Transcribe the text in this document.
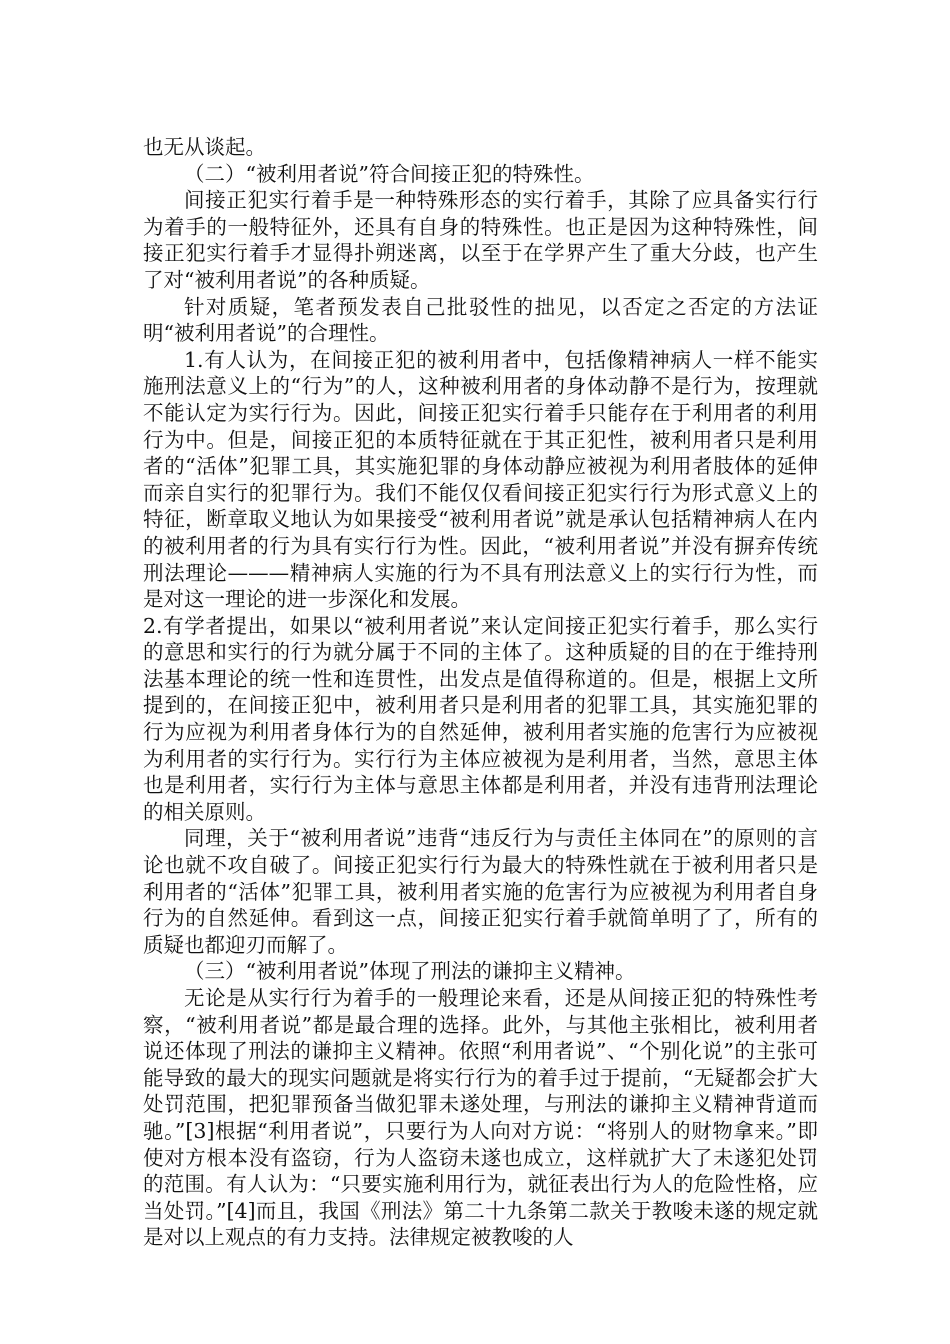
也无从谈起。

（二）“被利用者说”符合间接正犯的特殊性。

间接正犯实行着手是一种特殊形态的实行着手，其除了应具备实行行为着手的一般特征外，还具有自身的特殊性。也正是因为这种特殊性，间接正犯实行着手才显得扑朔迷离，以至于在学界产生了重大分歧，也产生了对“被利用者说”的各种质疑。

针对质疑，笔者预发表自己批驳性的拙见，以否定之否定的方法证明“被利用者说”的合理性。

1.有人认为，在间接正犯的被利用者中，包括像精神病人一样不能实施刑法意义上的“行为”的人，这种被利用者的身体动静不是行为，按理就不能认定为实行行为。因此，间接正犯实行着手只能存在于利用者的利用行为中。但是，间接正犯的本质特征就在于其正犯性，被利用者只是利用者的“活体”犯罪工具，其实施犯罪的身体动静应被视为利用者肢体的延伸而亲自实行的犯罪行为。我们不能仅仅看间接正犯实行行为形式意义上的特征，断章取义地认为如果接受“被利用者说”就是承认包括精神病人在内的被利用者的行为具有实行行为性。因此，“被利用者说”并没有摒弃传统刑法理论———精神病人实施的行为不具有刑法意义上的实行行为性，而是对这一理论的进一步深化和发展。

2.有学者提出，如果以“被利用者说”来认定间接正犯实行着手，那么实行的意思和实行的行为就分属于不同的主体了。这种质疑的目的在于维持刑法基本理论的统一性和连贯性，出发点是值得称道的。但是，根据上文所提到的，在间接正犯中，被利用者只是利用者的犯罪工具，其实施犯罪的行为应视为利用者身体行为的自然延伸，被利用者实施的危害行为应被视为利用者的实行行为。实行行为主体应被视为是利用者，当然，意思主体也是利用者，实行行为主体与意思主体都是利用者，并没有违背刑法理论的相关原则。

同理，关于“被利用者说”违背“违反行为与责任主体同在”的原则的言论也就不攻自破了。间接正犯实行行为最大的特殊性就在于被利用者只是利用者的“活体”犯罪工具，被利用者实施的危害行为应被视为利用者自身行为的自然延伸。看到这一点，间接正犯实行着手就简单明了了，所有的质疑也都迎刃而解了。

（三）“被利用者说”体现了刑法的谦抑主义精神。

无论是从实行行为着手的一般理论来看，还是从间接正犯的特殊性考察，“被利用者说”都是最合理的选择。此外，与其他主张相比，被利用者说还体现了刑法的谦抑主义精神。依照“利用者说”、“个别化说”的主张可能导致的最大的现实问题就是将实行行为的着手过于提前，“无疑都会扩大处罚范围，把犯罪预备当做犯罪未遂处理，与刑法的谦抑主义精神背道而驰。”[3]根据“利用者说”，只要行为人向对方说：“将别人的财物拿来。”即使对方根本没有盗窃，行为人盗窃未遂也成立，这样就扩大了未遂犯处罚的范围。有人认为：“只要实施利用行为，就征表出行为人的危险性格，应当处罚。”[4]而且，我国《刑法》第二十九条第二款关于教唆未遂的规定就是对以上观点的有力支持。法律规定被教唆的人
